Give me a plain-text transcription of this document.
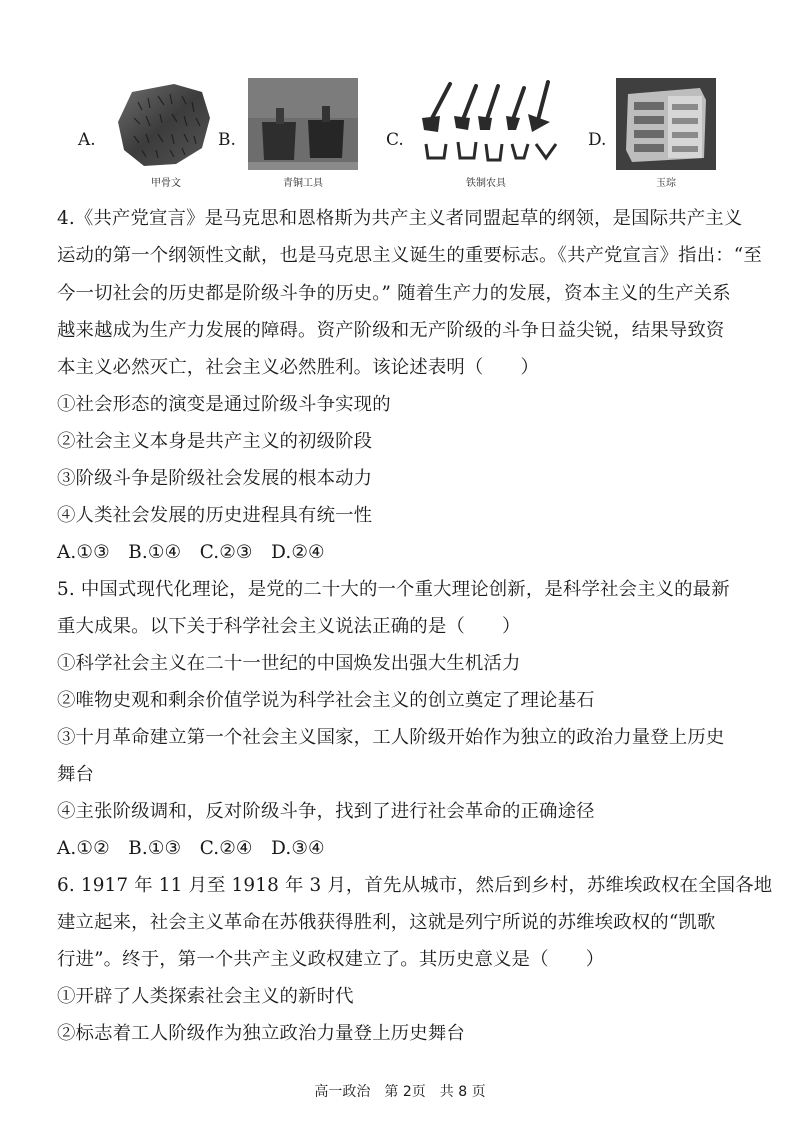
A.
甲骨文
B.
青铜工具
C.
铁制农具
D.
玉琮
4.《共产党宣言》是马克思和恩格斯为共产主义者同盟起草的纲领，是国际共产主义
运动的第一个纲领性文献，也是马克思主义诞生的重要标志。《共产党宣言》指出：“至
今一切社会的历史都是阶级斗争的历史。” 随着生产力的发展，资本主义的生产关系
越来越成为生产力发展的障碍。资产阶级和无产阶级的斗争日益尖锐，结果导致资
本主义必然灭亡，社会主义必然胜利。该论述表明（　　）
①社会形态的演变是通过阶级斗争实现的
②社会主义本身是共产主义的初级阶段
③阶级斗争是阶级社会发展的根本动力
④人类社会发展的历史进程具有统一性
A.①③　B.①④　C.②③　D.②④
5. 中国式现代化理论，是党的二十大的一个重大理论创新，是科学社会主义的最新
重大成果。以下关于科学社会主义说法正确的是（　　）
①科学社会主义在二十一世纪的中国焕发出强大生机活力
②唯物史观和剩余价值学说为科学社会主义的创立奠定了理论基石
③十月革命建立第一个社会主义国家，工人阶级开始作为独立的政治力量登上历史
舞台
④主张阶级调和，反对阶级斗争，找到了进行社会革命的正确途径
A.①②　B.①③　C.②④　D.③④
6. 1917 年 11 月至 1918 年 3 月，首先从城市，然后到乡村，苏维埃政权在全国各地
建立起来，社会主义革命在苏俄获得胜利，这就是列宁所说的苏维埃政权的“凯歌
行进”。终于，第一个共产主义政权建立了。其历史意义是（　　）
①开辟了人类探索社会主义的新时代
②标志着工人阶级作为独立政治力量登上历史舞台
高一政治　第 2页　共 8 页
